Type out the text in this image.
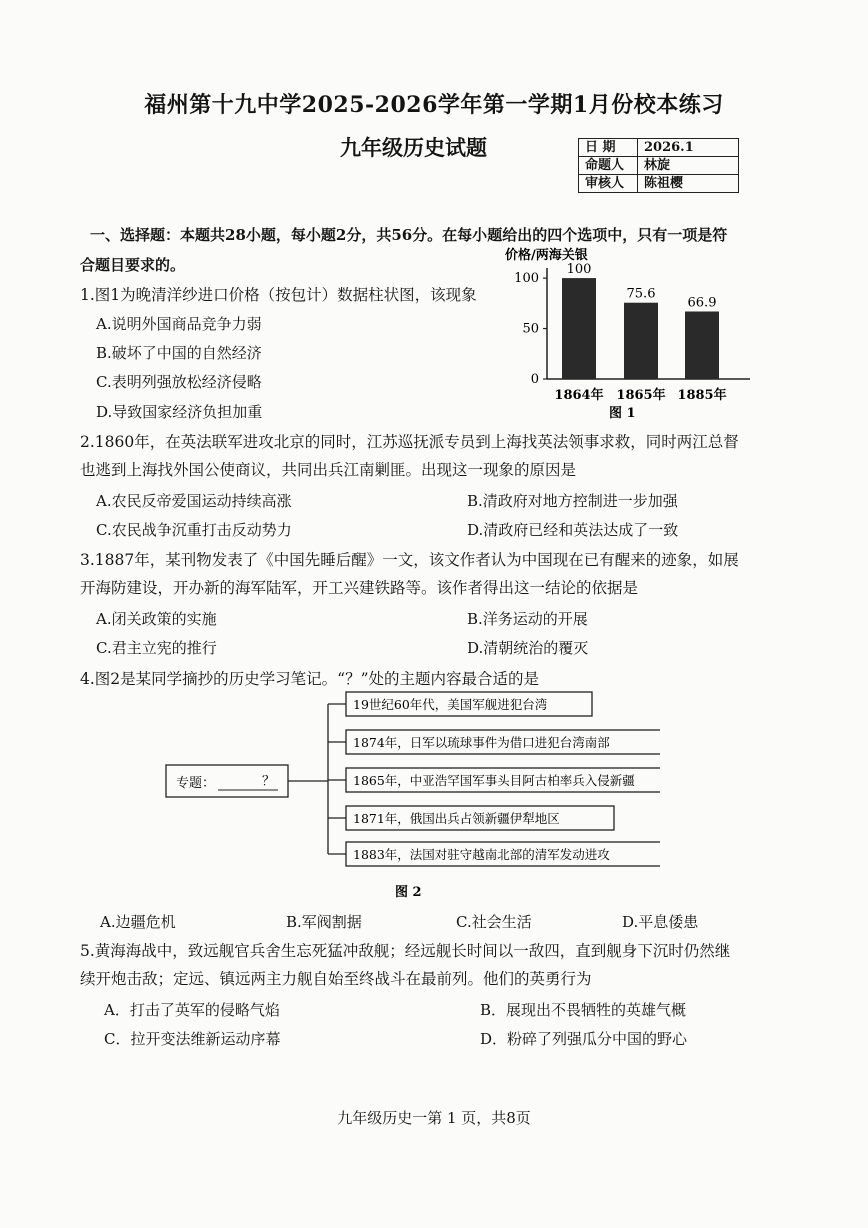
福州第十九中学2025-2026学年第一学期1月份校本练习
九年级历史试题	日 期	2026.1
命题人	林旋
审核人	陈祖樱
一、选择题：本题共28小题，每小题2分，共56分。在每小题给出的四个选项中，只有一项是符
合题目要求的。
1.图1为晚清洋纱进口价格（按包计）数据柱状图，该现象
A.说明外国商品竞争力弱
B.破坏了中国的自然经济
C.表明列强放松经济侵略
D.导致国家经济负担加重
价格/两海关银
100
50
0
100
1864年
75.6
1865年
66.9
1885年
图 1
2.1860年，在英法联军进攻北京的同时，江苏巡抚派专员到上海找英法领事求救，同时两江总督
也逃到上海找外国公使商议，共同出兵江南剿匪。出现这一现象的原因是
A.农民反帝爱国运动持续高涨	B.清政府对地方控制进一步加强
C.农民战争沉重打击反动势力	D.清政府已经和英法达成了一致
3.1887年，某刊物发表了《中国先睡后醒》一文，该文作者认为中国现在已有醒来的迹象，如展
开海防建设，开办新的海军陆军，开工兴建铁路等。该作者得出这一结论的依据是
A.闭关政策的实施	B.洋务运动的开展
C.君主立宪的推行	D.清朝统治的覆灭
4.图2是某同学摘抄的历史学习笔记。“？”处的主题内容最合适的是
专题：	？
19世纪60年代，美国军舰进犯台湾
1874年，日军以琉球事件为借口进犯台湾南部
1865年，中亚浩罕国军事头目阿古柏率兵入侵新疆
1871年，俄国出兵占领新疆伊犁地区
1883年，法国对驻守越南北部的清军发动进攻
图 2
A.边疆危机	B.军阀割据	C.社会生活	D.平息倭患
5.黄海海战中，致远舰官兵舍生忘死猛冲敌舰；经远舰长时间以一敌四，直到舰身下沉时仍然继
续开炮击敌；定远、镇远两主力舰自始至终战斗在最前列。他们的英勇行为
A．打击了英军的侵略气焰	B．展现出不畏牺牲的英雄气概
C．拉开变法维新运动序幕	D．粉碎了列强瓜分中国的野心
九年级历史一第 1 页，共8页
